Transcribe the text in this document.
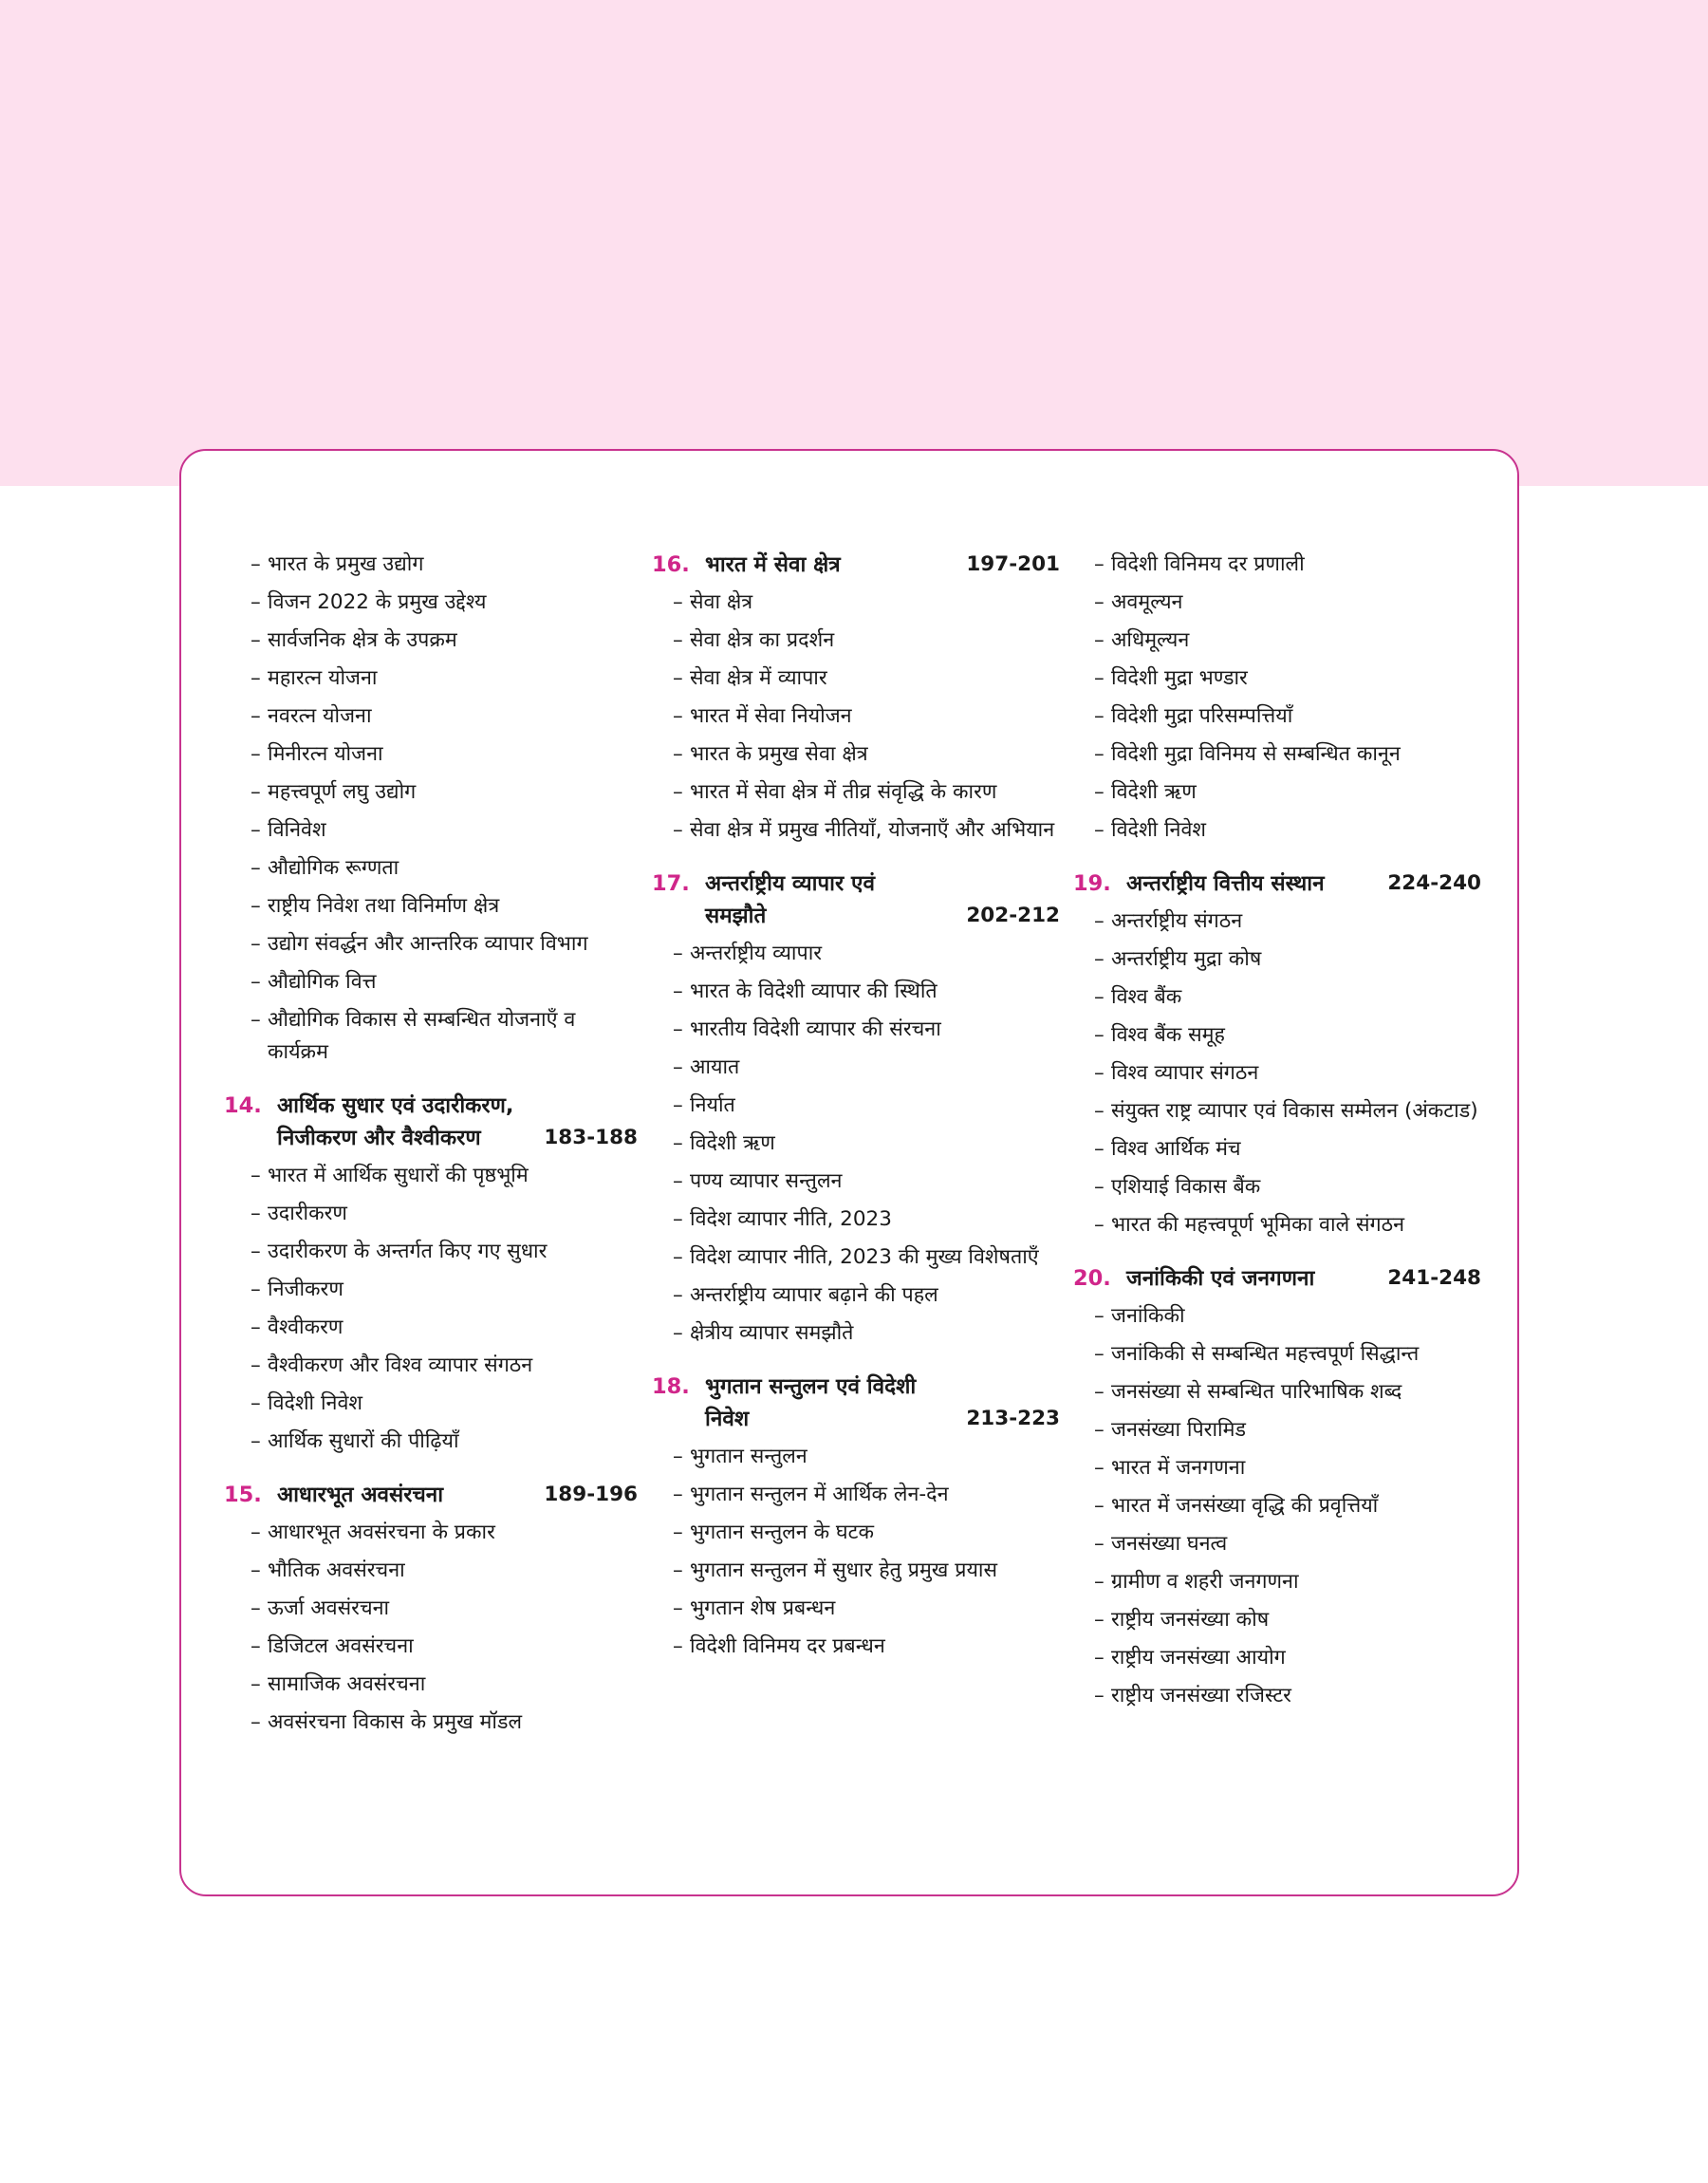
– भारत के प्रमुख उद्योग
– विजन 2022 के प्रमुख उद्देश्य
– सार्वजनिक क्षेत्र के उपक्रम
– महारत्न योजना
– नवरत्न योजना
– मिनीरत्न योजना
– महत्त्वपूर्ण लघु उद्योग
– विनिवेश
– औद्योगिक रूग्णता
– राष्ट्रीय निवेश तथा विनिर्माण क्षेत्र
– उद्योग संवर्द्धन और आन्तरिक व्यापार विभाग
– औद्योगिक वित्त
– औद्योगिक विकास से सम्बन्धित योजनाएँ व कार्यक्रम
14. आर्थिक सुधार एवं उदारीकरण, निजीकरण और वैश्वीकरण	183-188
– भारत में आर्थिक सुधारों की पृष्ठभूमि
– उदारीकरण
– उदारीकरण के अन्तर्गत किए गए सुधार
– निजीकरण
– वैश्वीकरण
– वैश्वीकरण और विश्व व्यापार संगठन
– विदेशी निवेश
– आर्थिक सुधारों की पीढ़ियाँ
15. आधारभूत अवसंरचना	189-196
– आधारभूत अवसंरचना के प्रकार
– भौतिक अवसंरचना
– ऊर्जा अवसंरचना
– डिजिटल अवसंरचना
– सामाजिक अवसंरचना
– अवसंरचना विकास के प्रमुख मॉडल
16. भारत में सेवा क्षेत्र	197-201
– सेवा क्षेत्र
– सेवा क्षेत्र का प्रदर्शन
– सेवा क्षेत्र में व्यापार
– भारत में सेवा नियोजन
– भारत के प्रमुख सेवा क्षेत्र
– भारत में सेवा क्षेत्र में तीव्र संवृद्धि के कारण
– सेवा क्षेत्र में प्रमुख नीतियाँ, योजनाएँ और अभियान
17. अन्तर्राष्ट्रीय व्यापार एवं समझौते	202-212
– अन्तर्राष्ट्रीय व्यापार
– भारत के विदेशी व्यापार की स्थिति
– भारतीय विदेशी व्यापार की संरचना
– आयात
– निर्यात
– विदेशी ऋण
– पण्य व्यापार सन्तुलन
– विदेश व्यापार नीति, 2023
– विदेश व्यापार नीति, 2023 की मुख्य विशेषताएँ
– अन्तर्राष्ट्रीय व्यापार बढ़ाने की पहल
– क्षेत्रीय व्यापार समझौते
18. भुगतान सन्तुलन एवं विदेशी निवेश	213-223
– भुगतान सन्तुलन
– भुगतान सन्तुलन में आर्थिक लेन-देन
– भुगतान सन्तुलन के घटक
– भुगतान सन्तुलन में सुधार हेतु प्रमुख प्रयास
– भुगतान शेष प्रबन्धन
– विदेशी विनिमय दर प्रबन्धन
– विदेशी विनिमय दर प्रणाली
– अवमूल्यन
– अधिमूल्यन
– विदेशी मुद्रा भण्डार
– विदेशी मुद्रा परिसम्पत्तियाँ
– विदेशी मुद्रा विनिमय से सम्बन्धित कानून
– विदेशी ऋण
– विदेशी निवेश
19. अन्तर्राष्ट्रीय वित्तीय संस्थान	224-240
– अन्तर्राष्ट्रीय संगठन
– अन्तर्राष्ट्रीय मुद्रा कोष
– विश्व बैंक
– विश्व बैंक समूह
– विश्व व्यापार संगठन
– संयुक्त राष्ट्र व्यापार एवं विकास सम्मेलन (अंकटाड)
– विश्व आर्थिक मंच
– एशियाई विकास बैंक
– भारत की महत्त्वपूर्ण भूमिका वाले संगठन
20. जनांकिकी एवं जनगणना	241-248
– जनांकिकी
– जनांकिकी से सम्बन्धित महत्त्वपूर्ण सिद्धान्त
– जनसंख्या से सम्बन्धित पारिभाषिक शब्द
– जनसंख्या पिरामिड
– भारत में जनगणना
– भारत में जनसंख्या वृद्धि की प्रवृत्तियाँ
– जनसंख्या घनत्व
– ग्रामीण व शहरी जनगणना
– राष्ट्रीय जनसंख्या कोष
– राष्ट्रीय जनसंख्या आयोग
– राष्ट्रीय जनसंख्या रजिस्टर
